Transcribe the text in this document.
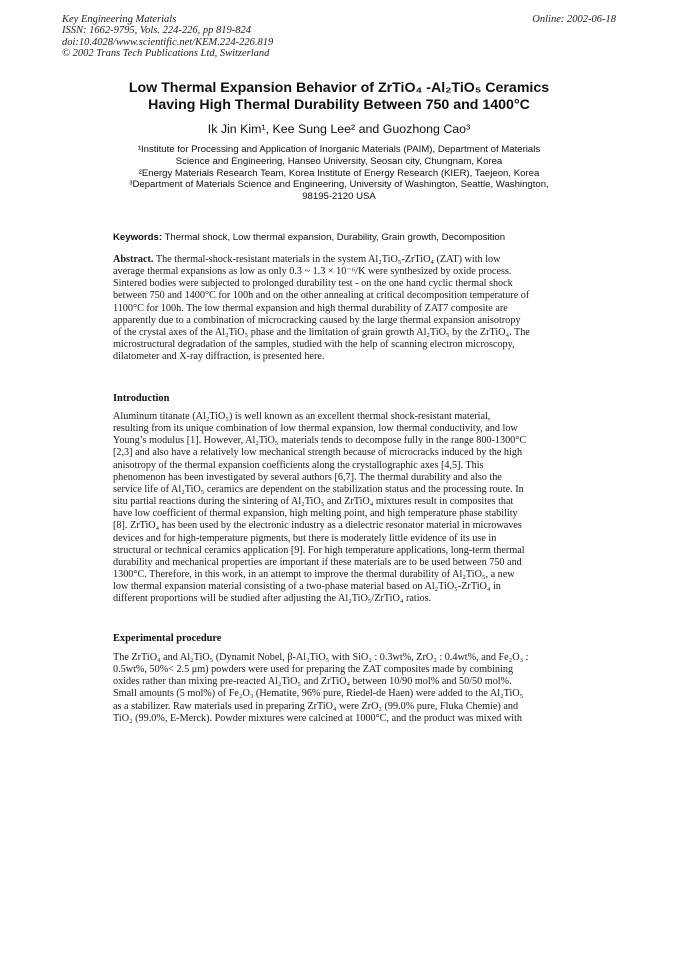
Key Engineering Materials
ISSN: 1662-9795, Vols. 224-226, pp 819-824
doi:10.4028/www.scientific.net/KEM.224-226.819
© 2002 Trans Tech Publications Ltd, Switzerland
Online: 2002-06-18
Low Thermal Expansion Behavior of ZrTiO₄ -Al₂TiO₅ Ceramics
Having High Thermal Durability Between 750 and 1400°C
Ik Jin Kim¹, Kee Sung Lee² and Guozhong Cao³
¹Institute for Processing and Application of Inorganic Materials (PAIM), Department of Materials
Science and Engineering, Hanseo University, Seosan city, Chungnam, Korea
²Energy Materials Research Team, Korea Institute of Energy Research (KIER), Taejeon, Korea
³Department of Materials Science and Engineering, University of Washington, Seattle, Washington,
98195-2120 USA
Keywords: Thermal shock, Low thermal expansion, Durability, Grain growth, Decomposition
Abstract. The thermal-shock-resistant materials in the system Al₂TiO₅-ZrTiO₄ (ZAT) with low
average thermal expansions as low as only 0.3 ~ 1.3 × 10⁻⁶/K were synthesized by oxide process.
Sintered bodies were subjected to prolonged durability test - on the one hand cyclic thermal shock
between 750 and 1400°C for 100h and on the other annealing at critical decomposition temperature of
1100°C for 100h. The low thermal expansion and high thermal durability of ZAT7 composite are
apparently due to a combination of microcracking caused by the large thermal expansion anisotropy
of the crystal axes of the Al₂TiO₅ phase and the limitation of grain growth Al₂TiO₅ by the ZrTiO₄. The
microstructural degradation of the samples, studied with the help of scanning electron microscopy,
dilatometer and X-ray diffraction, is presented here.
Introduction
Aluminum titanate (Al₂TiO₅) is well known as an excellent thermal shock-resistant material,
resulting from its unique combination of low thermal expansion, low thermal conductivity, and low
Young’s modulus [1]. However, Al₂TiO₅ materials tends to decompose fully in the range 800-1300°C
[2,3] and also have a relatively low mechanical strength because of microcracks induced by the high
anisotropy of the thermal expansion coefficients along the crystallographic axes [4,5]. This
phenomenon has been investigated by several authors [6,7]. The thermal durability and also the
service life of Al₂TiO₅ ceramics are dependent on the stabilization status and the processing route. In
situ partial reactions during the sintering of Al₂TiO₅ and ZrTiO₄ mixtures result in composites that
have low coefficient of thermal expansion, high melting point, and high temperature phase stability
[8]. ZrTiO₄ has been used by the electronic industry as a dielectric resonator material in microwaves
devices and for high-temperature pigments, but there is moderately little evidence of its use in
structural or technical ceramics application [9]. For high temperature applications, long-term thermal
durability and mechanical properties are important if these materials are to be used between 750 and
1300°C. Therefore, in this work, in an attempt to improve the thermal durability of Al₂TiO₅, a new
low thermal expansion material consisting of a two-phase material based on Al₂TiO₅-ZrTiO₄ in
different proportions will be studied after adjusting the Al₂TiO₅/ZrTiO₄ ratios.
Experimental procedure
The ZrTiO₄ and Al₂TiO₅ (Dynamit Nobel, β-Al₂TiO₅ with SiO₂ : 0.3wt%, ZrO₂ : 0.4wt%, and Fe₂O₃ :
0.5wt%, 50%< 2.5 μm) powders were used for preparing the ZAT composites made by combining
oxides rather than mixing pre-reacted Al₂TiO₅ and ZrTiO₄ between 10/90 mol% and 50/50 mol%.
Small amounts (5 mol%) of Fe₂O₃ (Hematite, 96% pure, Riedel-de Haen) were added to the Al₂TiO₅
as a stabilizer. Raw materials used in preparing ZrTiO₄ were ZrO₂ (99.0% pure, Fluka Chemie) and
TiO₂ (99.0%, E-Merck). Powder mixtures were calcined at 1000°C, and the product was mixed with
